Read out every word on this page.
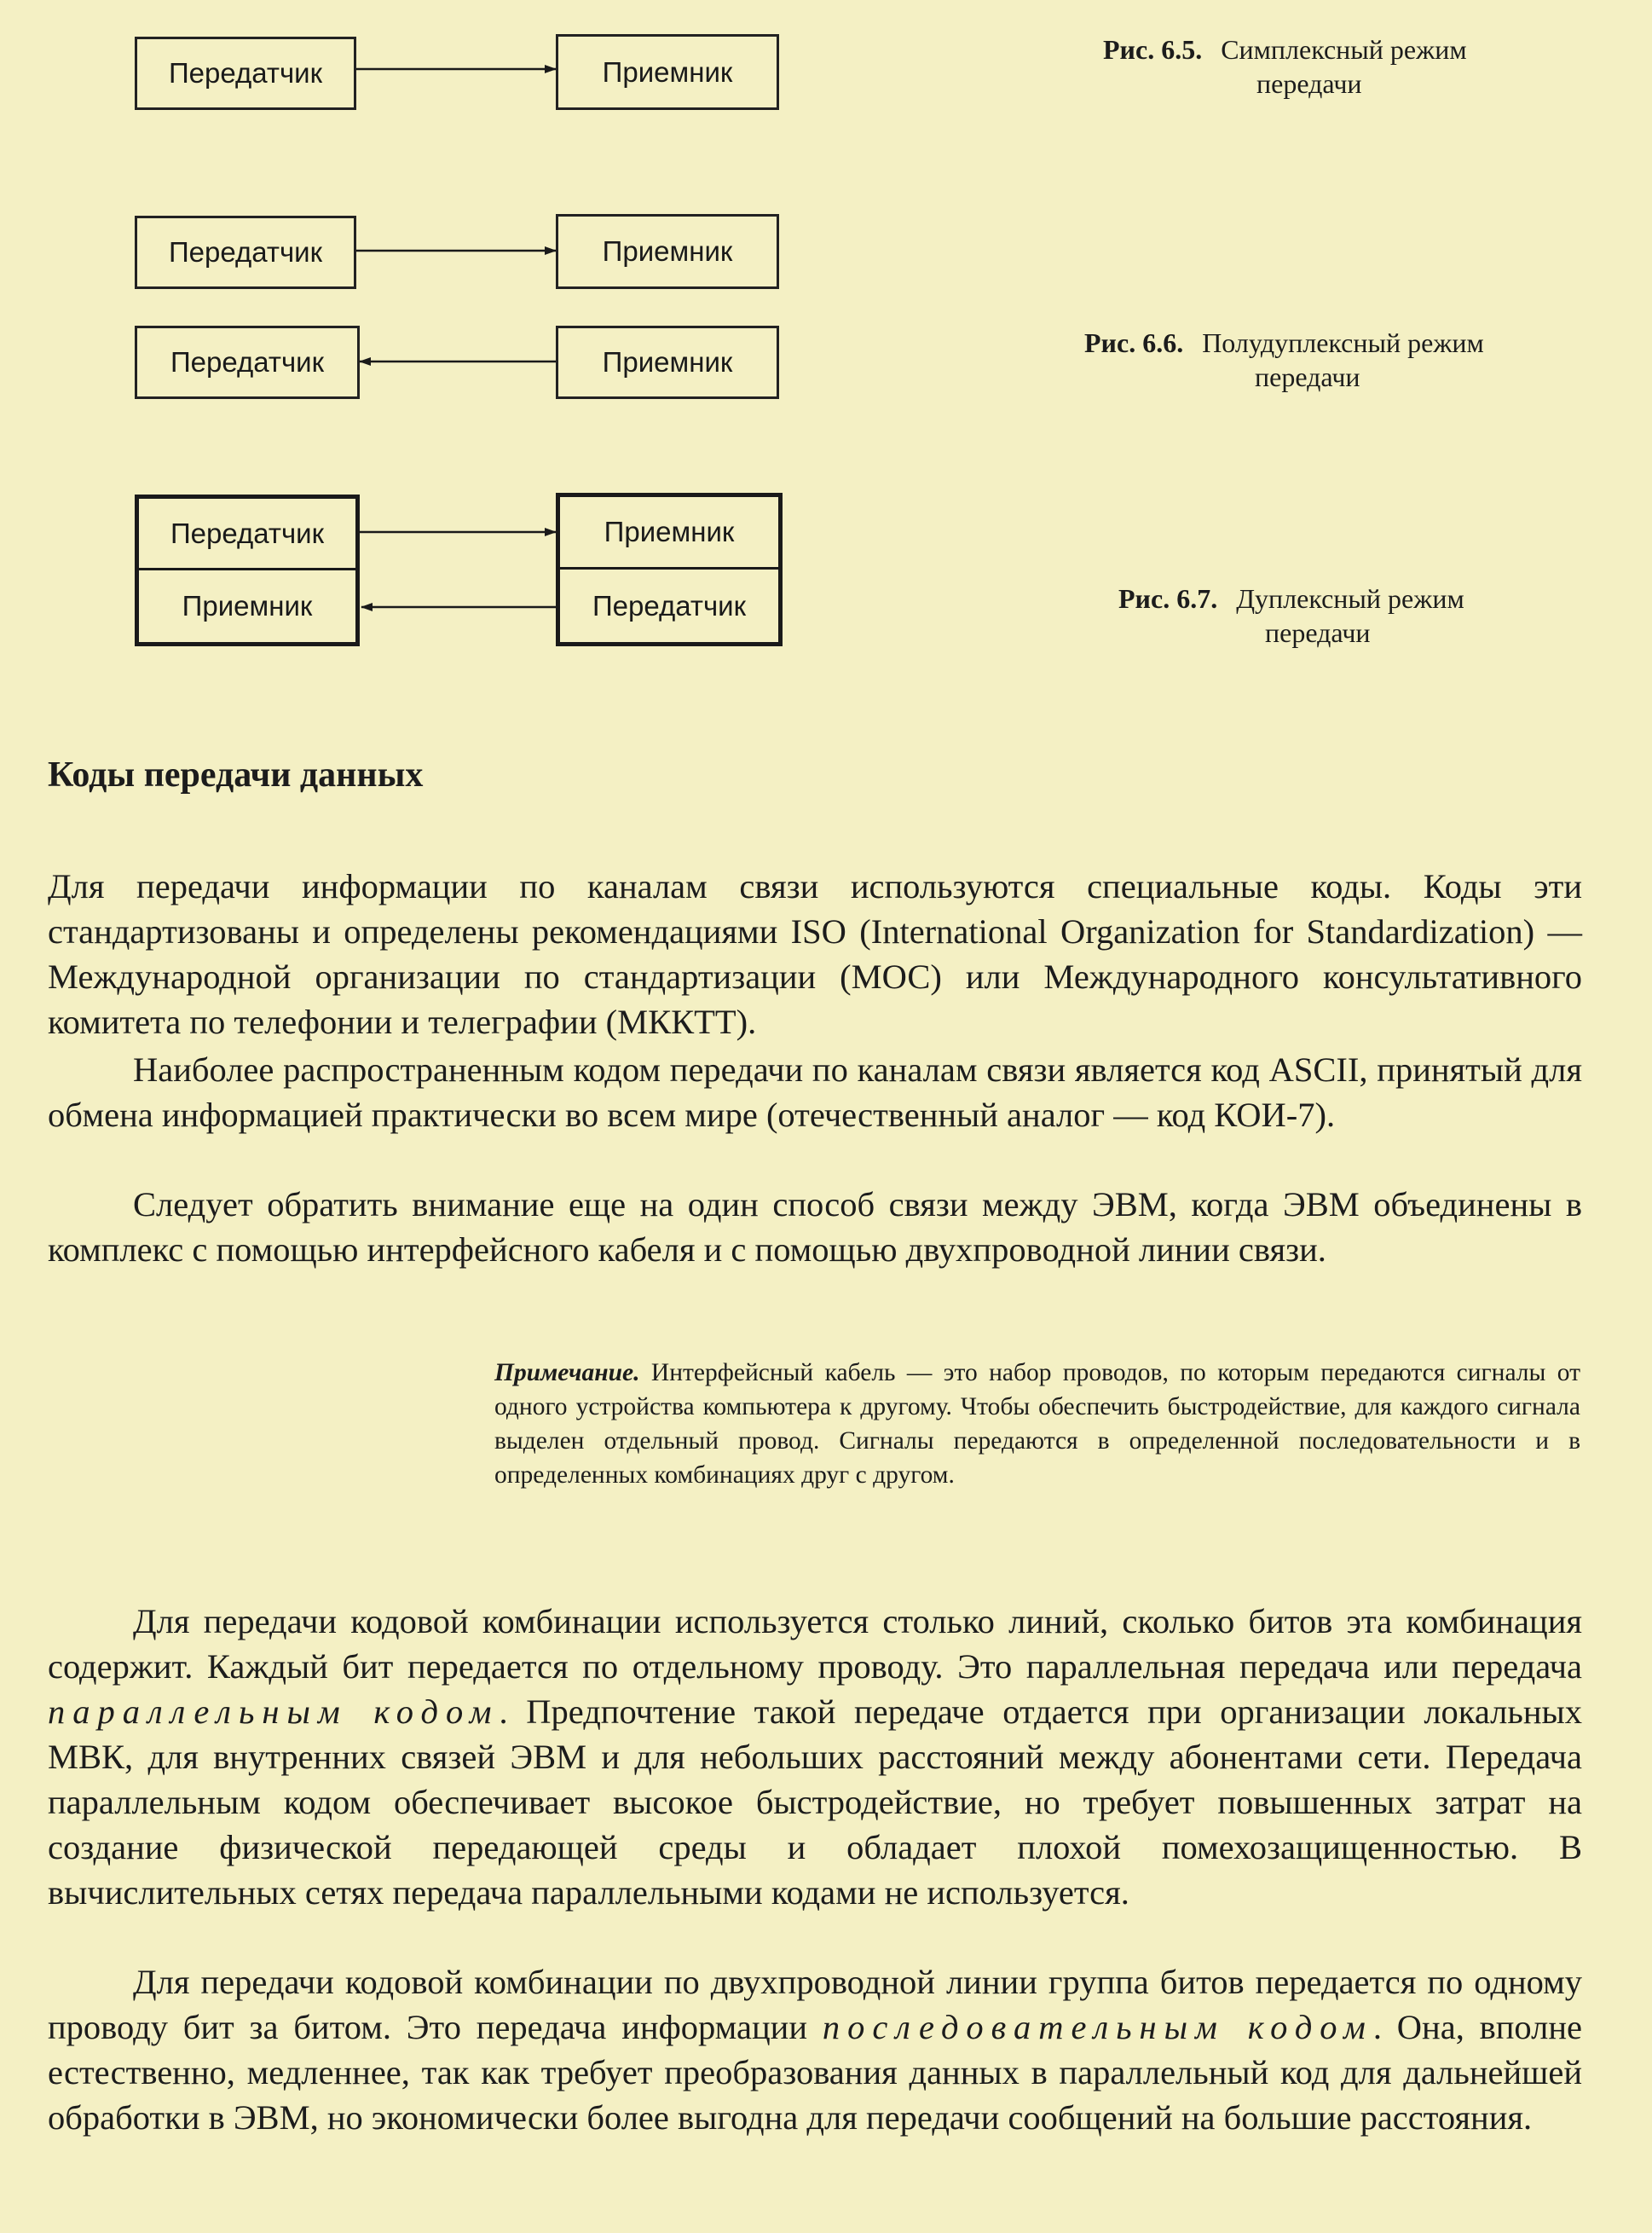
Передатчик	Приемник
Рис. 6.5. Симплексный режим
передачи
Передатчик	Приемник
Передатчик	Приемник
Рис. 6.6. Полудуплексный режим
передачи
Передатчик
Приемник
Приемник
Передатчик	Рис. 6.7. Дуплексный режим
передачи
Коды передачи данных
Для передачи информации по каналам связи используются специальные коды. Коды эти стандартизованы и определены рекомендациями ISO (International Organization for Standardization) — Международной организации по стандартизации (МОС) или Международного консультативного комитета по телефонии и телеграфии (МККТТ).
Наиболее распространенным кодом передачи по каналам связи является код ASCII, принятый для обмена информацией практически во всем мире (отечественный аналог — код КОИ-7).
Следует обратить внимание еще на один способ связи между ЭВМ, когда ЭВМ объединены в комплекс с помощью интерфейсного кабеля и с помощью двухпроводной линии связи.
Примечание. Интерфейсный кабель — это набор проводов, по которым передаются сигналы от одного устройства компьютера к другому. Чтобы обеспечить быстродействие, для каждого сигнала выделен отдельный провод. Сигналы передаются в определенной последовательности и в определенных комбинациях друг с другом.
Для передачи кодовой комбинации используется столько линий, сколько битов эта комбинация содержит. Каждый бит передается по отдельному проводу. Это параллельная передача или передача параллельным кодом. Предпочтение такой передаче отдается при организации локальных МВК, для внутренних связей ЭВМ и для небольших расстояний между абонентами сети. Передача параллельным кодом обеспечивает высокое быстродействие, но требует повышенных затрат на создание физической передающей среды и обладает плохой помехозащищенностью. В вычислительных сетях передача параллельными кодами не используется.
Для передачи кодовой комбинации по двухпроводной линии группа битов передается по одному проводу бит за битом. Это передача информации последовательным кодом. Она, вполне естественно, медленнее, так как требует преобразования данных в параллельный код для дальнейшей обработки в ЭВМ, но экономически более выгодна для передачи сообщений на большие расстояния.
